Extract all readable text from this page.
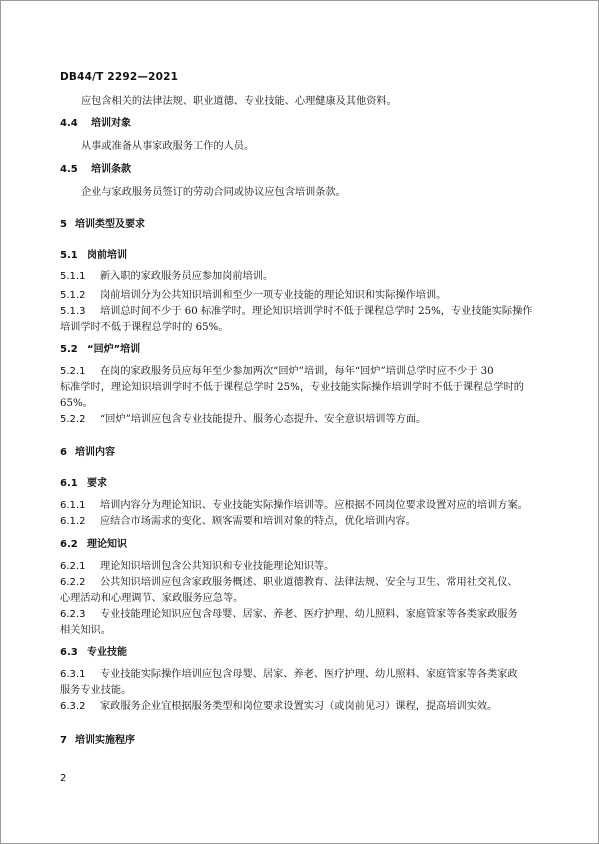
DB44/T 2292—2021
应包含相关的法律法规、职业道德、专业技能、心理健康及其他资料。
4.4 培训对象
从事或准备从事家政服务工作的人员。
4.5 培训条款
企业与家政服务员签订的劳动合同或协议应包含培训条款。
5 培训类型及要求
5.1 岗前培训
5.1.1 新入职的家政服务员应参加岗前培训。
5.1.2 岗前培训分为公共知识培训和至少一项专业技能的理论知识和实际操作培训。
5.1.3 培训总时间不少于 60 标准学时。理论知识培训学时不低于课程总学时 25%，专业技能实际操作
培训学时不低于课程总学时的 65%。
5.2 “回炉”培训
5.2.1 在岗的家政服务员应每年至少参加两次“回炉”培训，每年“回炉”培训总学时应不少于 30
标准学时，理论知识培训学时不低于课程总学时 25%，专业技能实际操作培训学时不低于课程总学时的
65%。
5.2.2 “回炉”培训应包含专业技能提升、服务心态提升、安全意识培训等方面。
6 培训内容
6.1 要求
6.1.1 培训内容分为理论知识、专业技能实际操作培训等。应根据不同岗位要求设置对应的培训方案。
6.1.2 应结合市场需求的变化、顾客需要和培训对象的特点，优化培训内容。
6.2 理论知识
6.2.1 理论知识培训包含公共知识和专业技能理论知识等。
6.2.2 公共知识培训应包含家政服务概述、职业道德教育、法律法规、安全与卫生、常用社交礼仪、
心理活动和心理调节、家政服务应急等。
6.2.3 专业技能理论知识应包含母婴、居家、养老、医疗护理、幼儿照料、家庭管家等各类家政服务
相关知识。
6.3 专业技能
6.3.1 专业技能实际操作培训应包含母婴、居家、养老、医疗护理、幼儿照料、家庭管家等各类家政
服务专业技能。
6.3.2 家政服务企业宜根据服务类型和岗位要求设置实习（或岗前见习）课程，提高培训实效。
7 培训实施程序
2
